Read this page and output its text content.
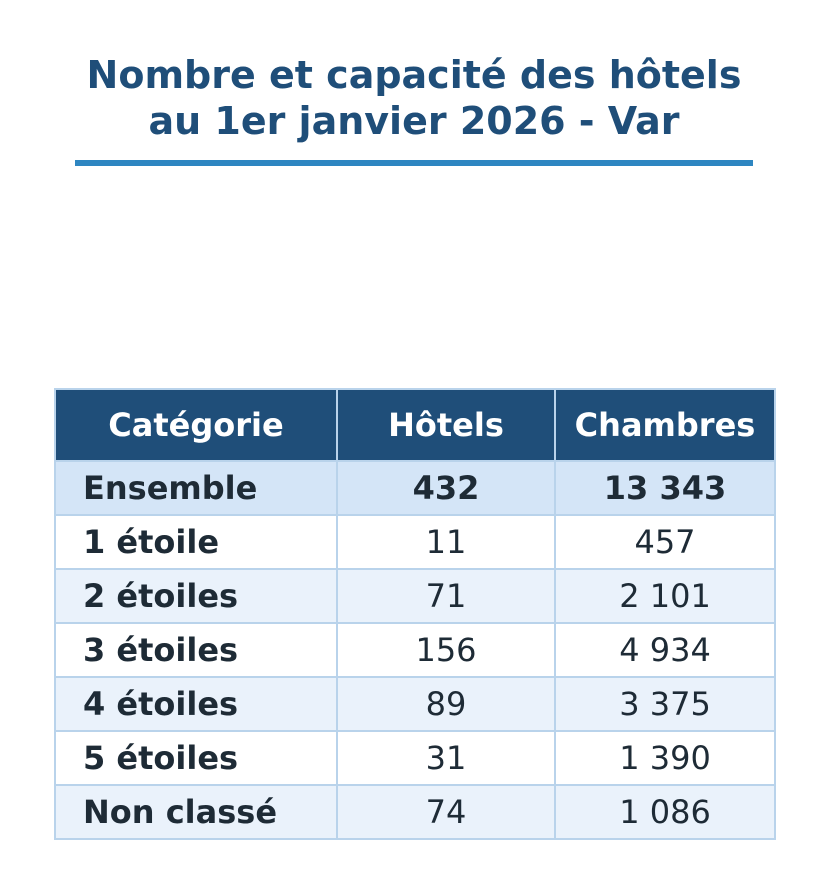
Nombre et capacité des hôtels
au 1er janvier 2026 - Var
Catégorie	Hôtels	Chambres
Ensemble	432	13 343
1 étoile	11	457
2 étoiles	71	2 101
3 étoiles	156	4 934
4 étoiles	89	3 375
5 étoiles	31	1 390
Non classé	74	1 086
